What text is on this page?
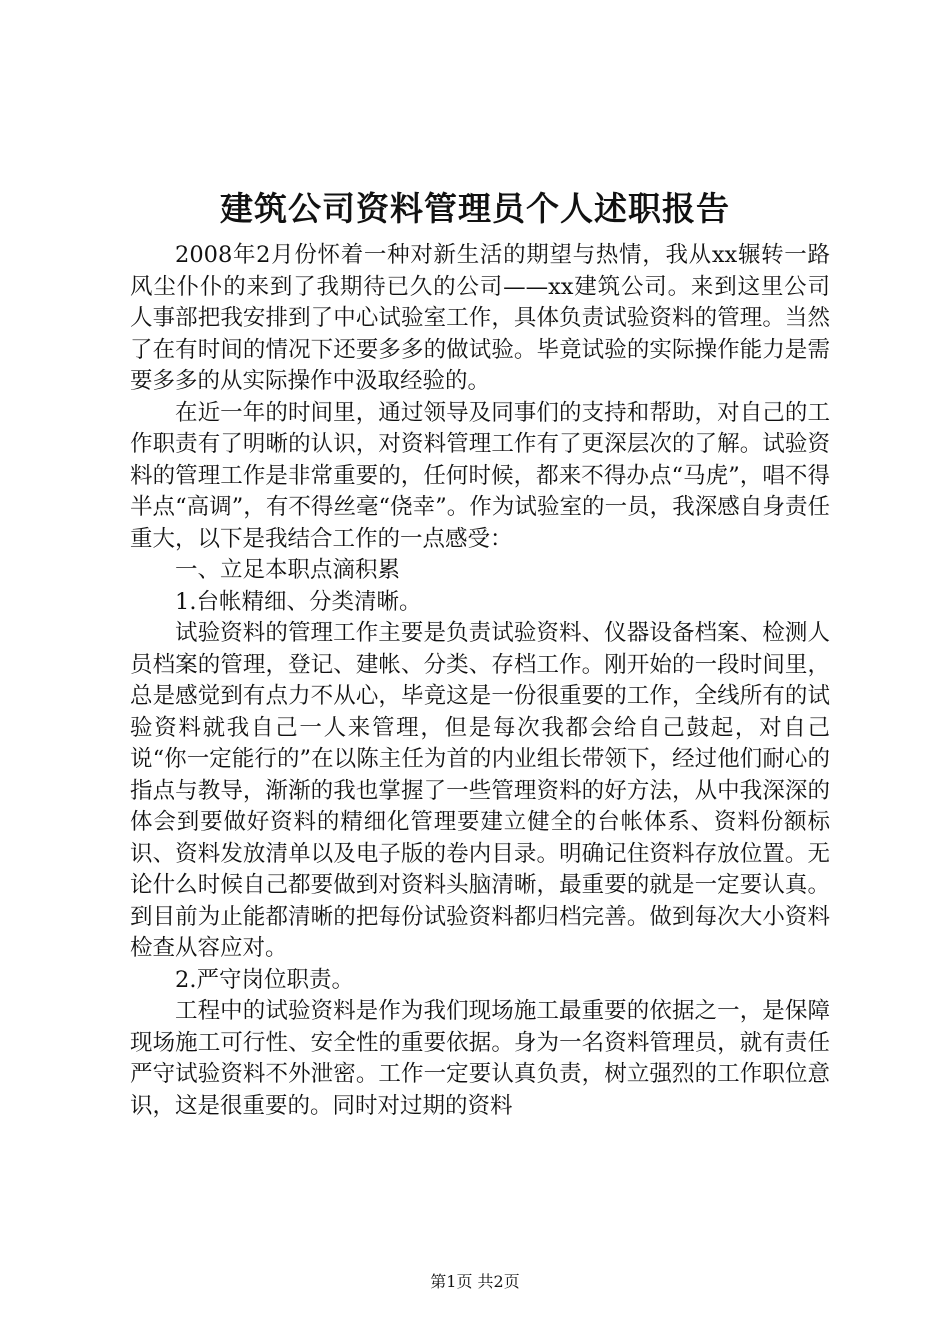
建筑公司资料管理员个人述职报告

2008年2月份怀着一种对新生活的期望与热情，我从xx辗转一路风尘仆仆的来到了我期待已久的公司——xx建筑公司。来到这里公司人事部把我安排到了中心试验室工作，具体负责试验资料的管理。当然了在有时间的情况下还要多多的做试验。毕竟试验的实际操作能力是需要多多的从实际操作中汲取经验的。

在近一年的时间里，通过领导及同事们的支持和帮助，对自己的工作职责有了明晰的认识，对资料管理工作有了更深层次的了解。试验资料的管理工作是非常重要的，任何时候，都来不得办点“马虎”，唱不得半点“高调”，有不得丝毫“侥幸”。作为试验室的一员，我深感自身责任重大，以下是我结合工作的一点感受：

一、立足本职点滴积累

1.台帐精细、分类清晰。

试验资料的管理工作主要是负责试验资料、仪器设备档案、检测人员档案的管理，登记、建帐、分类、存档工作。刚开始的一段时间里，总是感觉到有点力不从心，毕竟这是一份很重要的工作，全线所有的试验资料就我自己一人来管理，但是每次我都会给自己鼓起，对自己说“你一定能行的”在以陈主任为首的内业组长带领下，经过他们耐心的指点与教导，渐渐的我也掌握了一些管理资料的好方法，从中我深深的体会到要做好资料的精细化管理要建立健全的台帐体系、资料份额标识、资料发放清单以及电子版的卷内目录。明确记住资料存放位置。无论什么时候自己都要做到对资料头脑清晰，最重要的就是一定要认真。到目前为止能都清晰的把每份试验资料都归档完善。做到每次大小资料检查从容应对。

2.严守岗位职责。

工程中的试验资料是作为我们现场施工最重要的依据之一，是保障现场施工可行性、安全性的重要依据。身为一名资料管理员，就有责任严守试验资料不外泄密。工作一定要认真负责，树立强烈的工作职位意识，这是很重要的。同时对过期的资料

第1页 共2页
